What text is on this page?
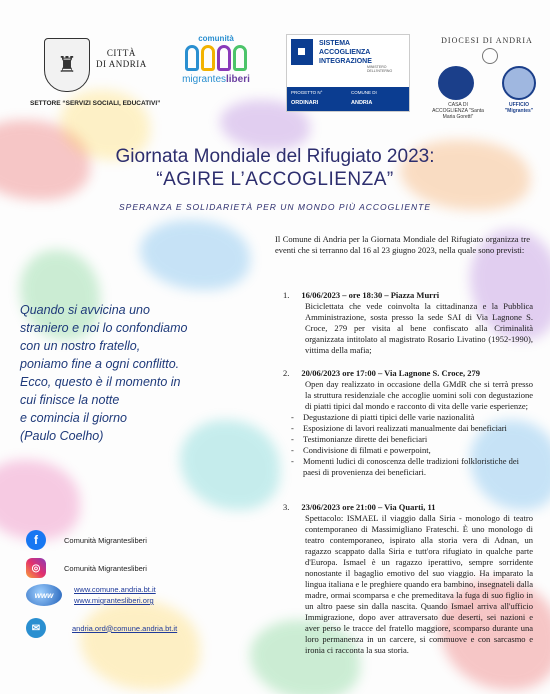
♜	CITTÀ
DI ANDRIA
SETTORE “SERVIZI SOCIALI, EDUCATIVI”
comunità
migrantesliberi
SISTEMA
ACCOGLIENZA
INTEGRAZIONE
MINISTERO DELL'INTERNO
PROGETTO N°
ORDINARI
COMUNE DI
ANDRIA
DIOCESI DI ANDRIA
CASA DI ACCOGLIENZA "Santa Maria Goretti"
UFFICIO "Migrantes"
Giornata Mondiale del Rifugiato 2023:
“AGIRE L’ACCOGLIENZA”
SPERANZA E SOLIDARIETÀ PER UN MONDO PIÙ ACCOGLIENTE
Quando si avvicina uno
straniero e noi lo confondiamo
con un nostro fratello,
poniamo fine a ogni conflitto.
Ecco, questo è il momento in
cui finisce la notte
e comincia il giorno
(Paulo Coelho)
Il Comune di Andria per la Giornata Mondiale del Rifugiato organizza tre eventi che si terranno dal 16 al 23 giugno 2023, nella quale sono previsti:
1. 16/06/2023 – ore 18:30 – Piazza Murri
Biciclettata che vede coinvolta la cittadinanza e la Pubblica Amministrazione, sosta presso la sede SAI di Via Lagnone S. Croce, 279 per visita al bene confiscato alla Criminalità organizzata intitolato al magistrato Rosario Livatino (1952-1990), vittima della mafia;
2. 20/06/2023 ore 17:00 – Via Lagnone S. Croce, 279
Open day realizzato in occasione della GMdR che si terrà presso la struttura residenziale che accoglie uomini soli con degustazione di piatti tipici dal mondo e racconto di vita delle varie esperienze;
- Degustazione di piatti tipici delle varie nazionalità
- Esposizione di lavori realizzati manualmente dai beneficiari
- Testimonianze dirette dei beneficiari
- Condivisione di filmati e powerpoint,
- Momenti ludici di conoscenza delle tradizioni folkloristiche dei paesi di provenienza dei beneficiari.
3. 23/06/2023 ore 21:00 – Via Quarti, 11
Spettacolo: ISMAEL il viaggio dalla Siria - monologo di teatro contemporaneo di Massimigliano Frateschi. È uno monologo di teatro contemporaneo, ispirato alla storia vera di Adnan, un ragazzo scappato dalla Siria e tutt'ora rifugiato in qualche parte d'Europa. Ismael è un ragazzo iperattivo, sempre sorridente nonostante il bagaglio emotivo del suo viaggio. Ha imparato la lingua italiana e le preghiere quando era bambino, insegnateli dalla madre, ormai scomparsa e che premeditava la fuga di suo figlio in un altro paese sin dalla nascita. Quando Ismael arriva all'ufficio Immigrazione, dopo aver attraversato due deserti, sei nazioni e aver perso le tracce del fratello maggiore, scomparso durante una loro permanenza in un carcere, si commuove e con sarcasmo e ironia ci racconta la sua storia.
f	Comunità Migrantesliberi
◎	Comunità Migrantesliberi
www
www.comune.andria.bt.it
www.migrantesliberi.org
✉	andria.ord@comune.andria.bt.it
